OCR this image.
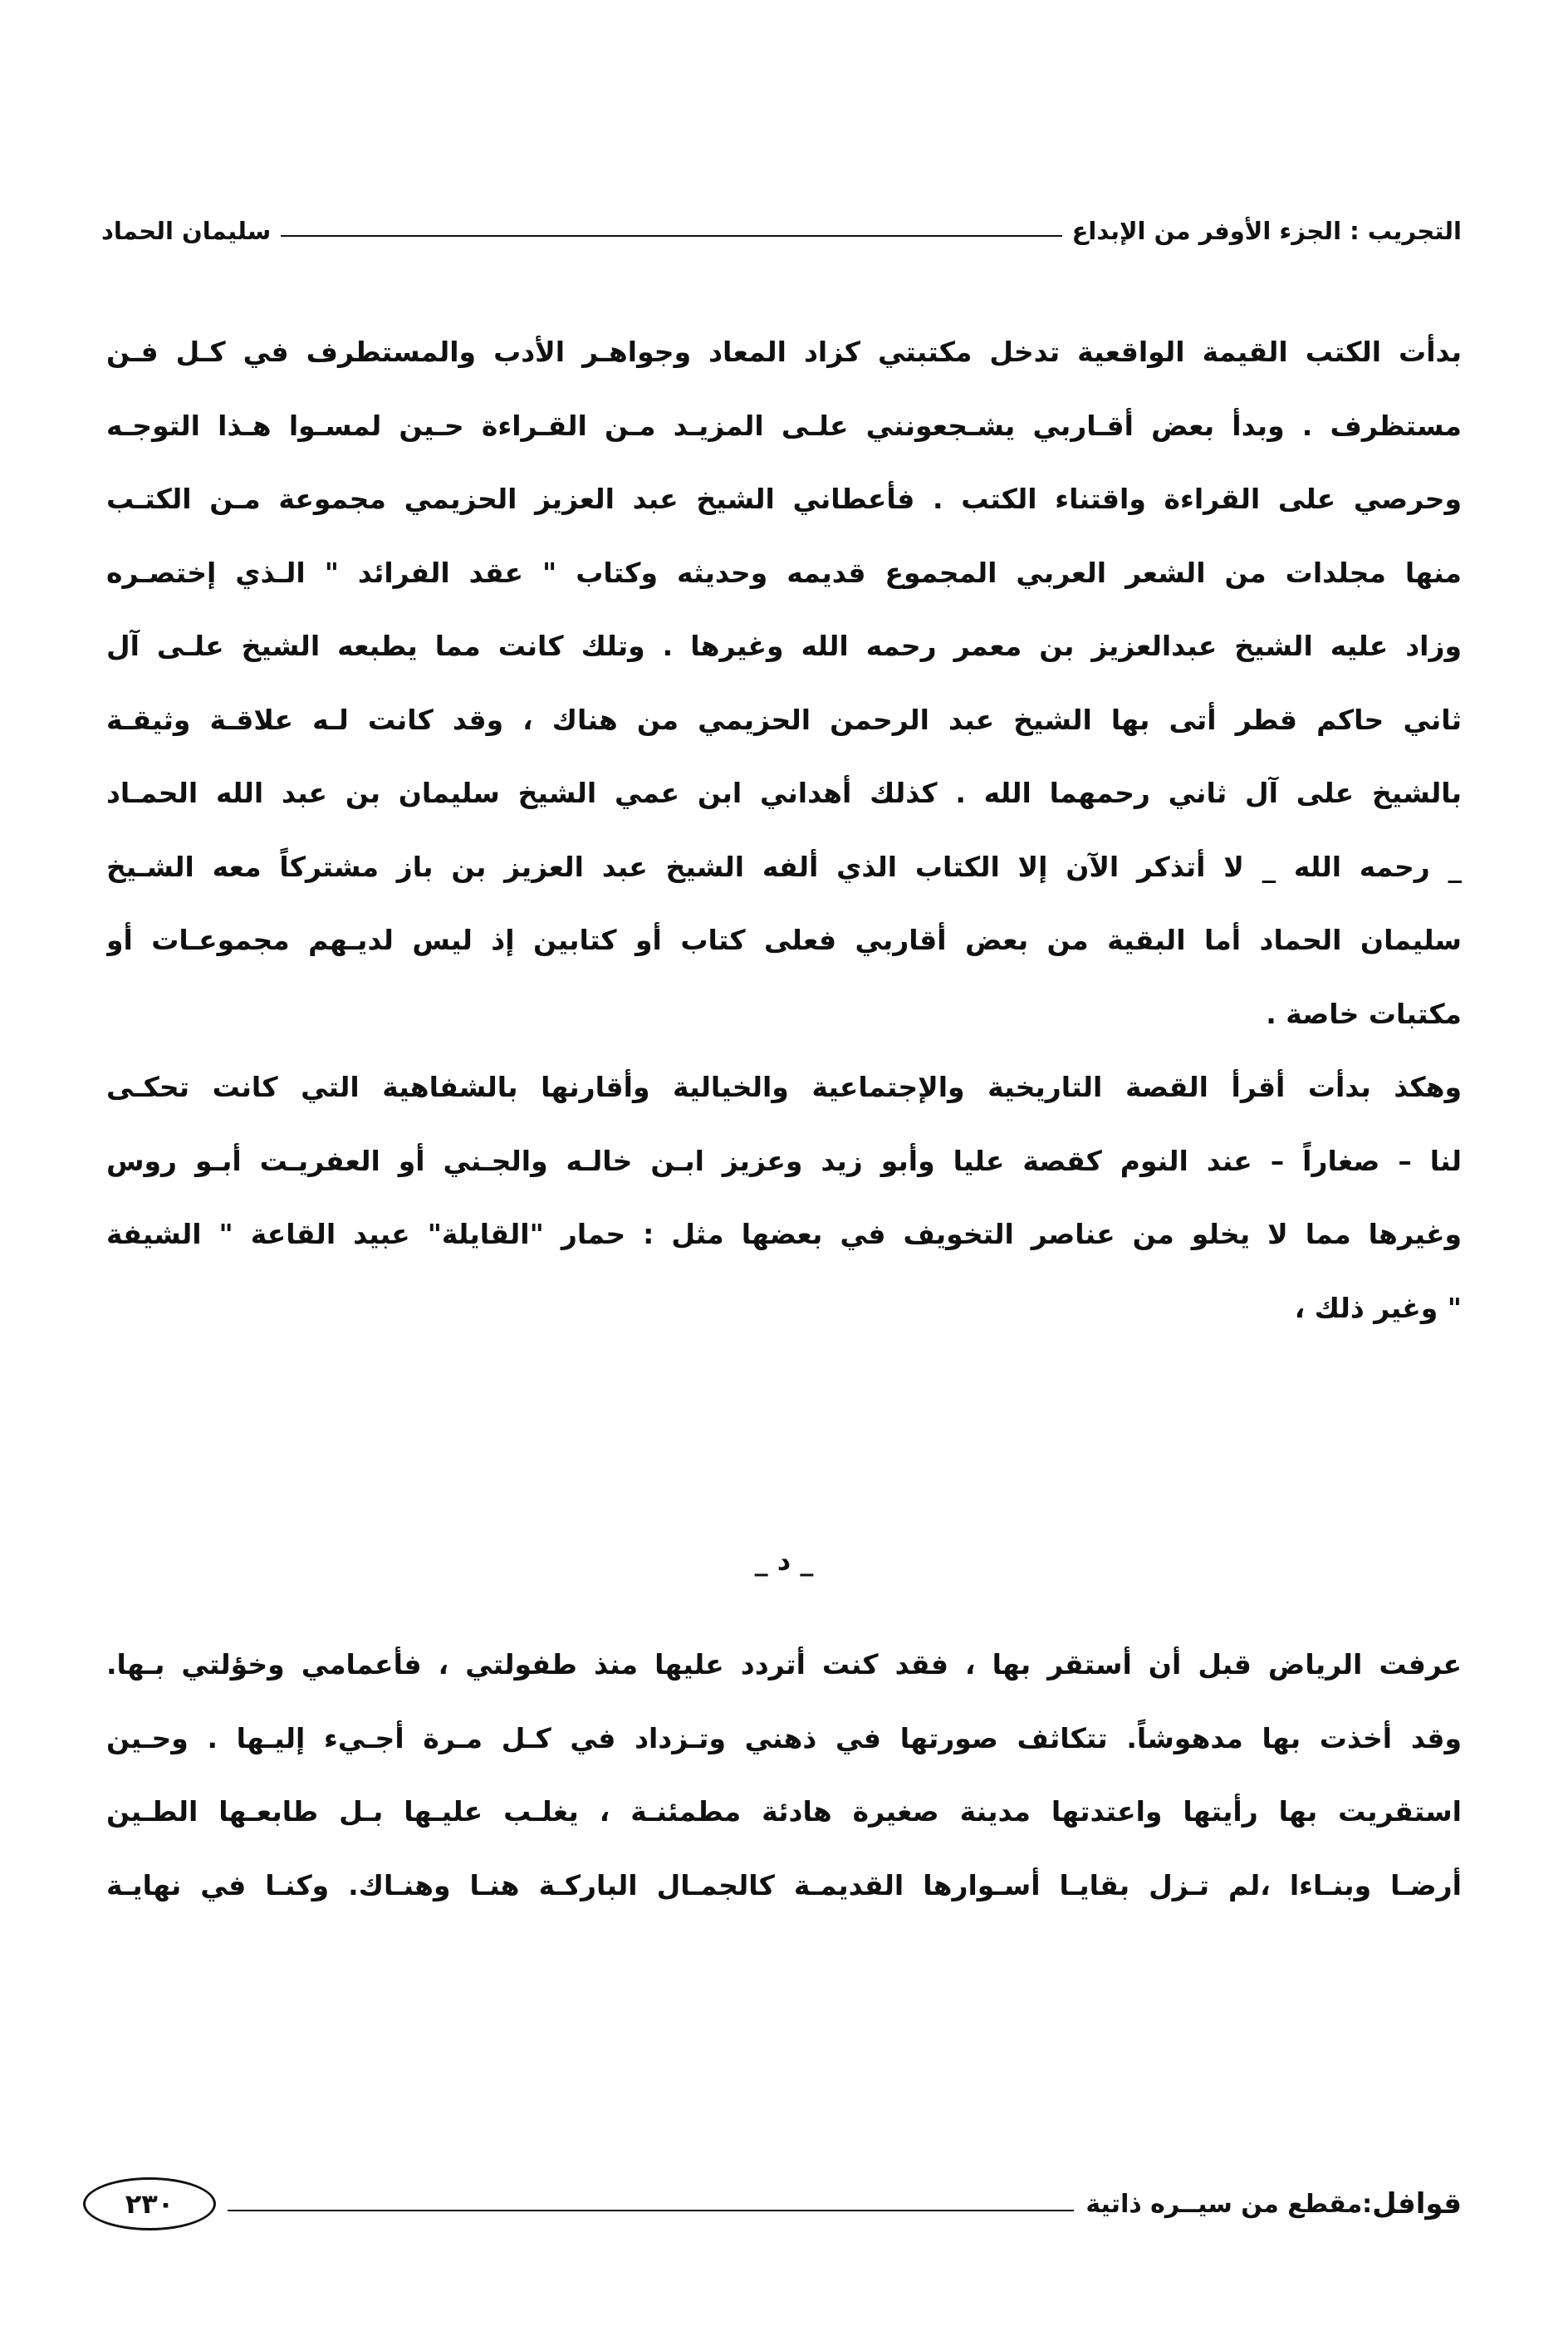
التجريب : الجزء الأوفر من الإبداع
سليمان الحماد
بدأت الكتب القيمة الواقعية تدخل مكتبتي كزاد المعاد وجواهـر الأدب والمستطرف في كـل فـن
مستظرف . وبدأ بعض أقـاربي يشـجعونني علـى المزيـد مـن القـراءة حـين لمسـوا هـذا التوجـه
وحرصي على القراءة واقتناء الكتب . فأعطاني الشيخ عبد العزيز الحزيمي مجموعة مـن الكتـب
منها مجلدات من الشعر العربي المجموع قديمه وحديثه وكتاب " عقد الفرائد " الـذي إختصـره
وزاد عليه الشيخ عبدالعزيز بن معمر رحمه الله وغيرها . وتلك كانت مما يطبعه الشيخ علـى آل
ثاني حاكم قطر أتى بها الشيخ عبد الرحمن الحزيمي من هناك ، وقد كانت لـه علاقـة وثيقـة
بالشيخ على آل ثاني رحمهما الله . كذلك أهداني ابن عمي الشيخ سليمان بن عبد الله الحمـاد
_ رحمه الله _ لا أتذكر الآن إلا الكتاب الذي ألفه الشيخ عبد العزيز بن باز مشتركاً معه الشـيخ
سليمان الحماد أما البقية من بعض أقاربي فعلى كتاب أو كتابين إذ ليس لديـهم مجموعـات أو
مكتبات خاصة .
وهكذ بدأت أقرأ القصة التاريخية والإجتماعية والخيالية وأقارنها بالشفاهية التي كانت تحكـى
لنا – صغاراً – عند النوم كقصة عليا وأبو زيد وعزيز ابـن خالـه والجـني أو العفريـت أبـو روس
وغيرها مما لا يخلو من عناصر التخويف في بعضها مثل : حمار "القايلة" عبيد القاعة " الشيفة
" وغير ذلك ،
_ د _
عرفت الرياض قبل أن أستقر بها ، فقد كنت أتردد عليها منذ طفولتي ، فأعمامي وخؤلتي بـها.
وقد أخذت بها مدهوشاً. تتكاثف صورتها في ذهني وتـزداد في كـل مـرة أجـيء إليـها . وحـين
استقريت بها رأيتها واعتدتها مدينة صغيرة هادئة مطمئنـة ، يغلـب عليـها بـل طابعـها الطـين
أرضـا وبنـاءا ،لم تـزل بقايـا أسـوارها القديمـة كالجمـال الباركـة هنـا وهنـاك. وكنـا في نهايـة
قوافل
:مقطع من سيــره ذاتية
٢٣٠
